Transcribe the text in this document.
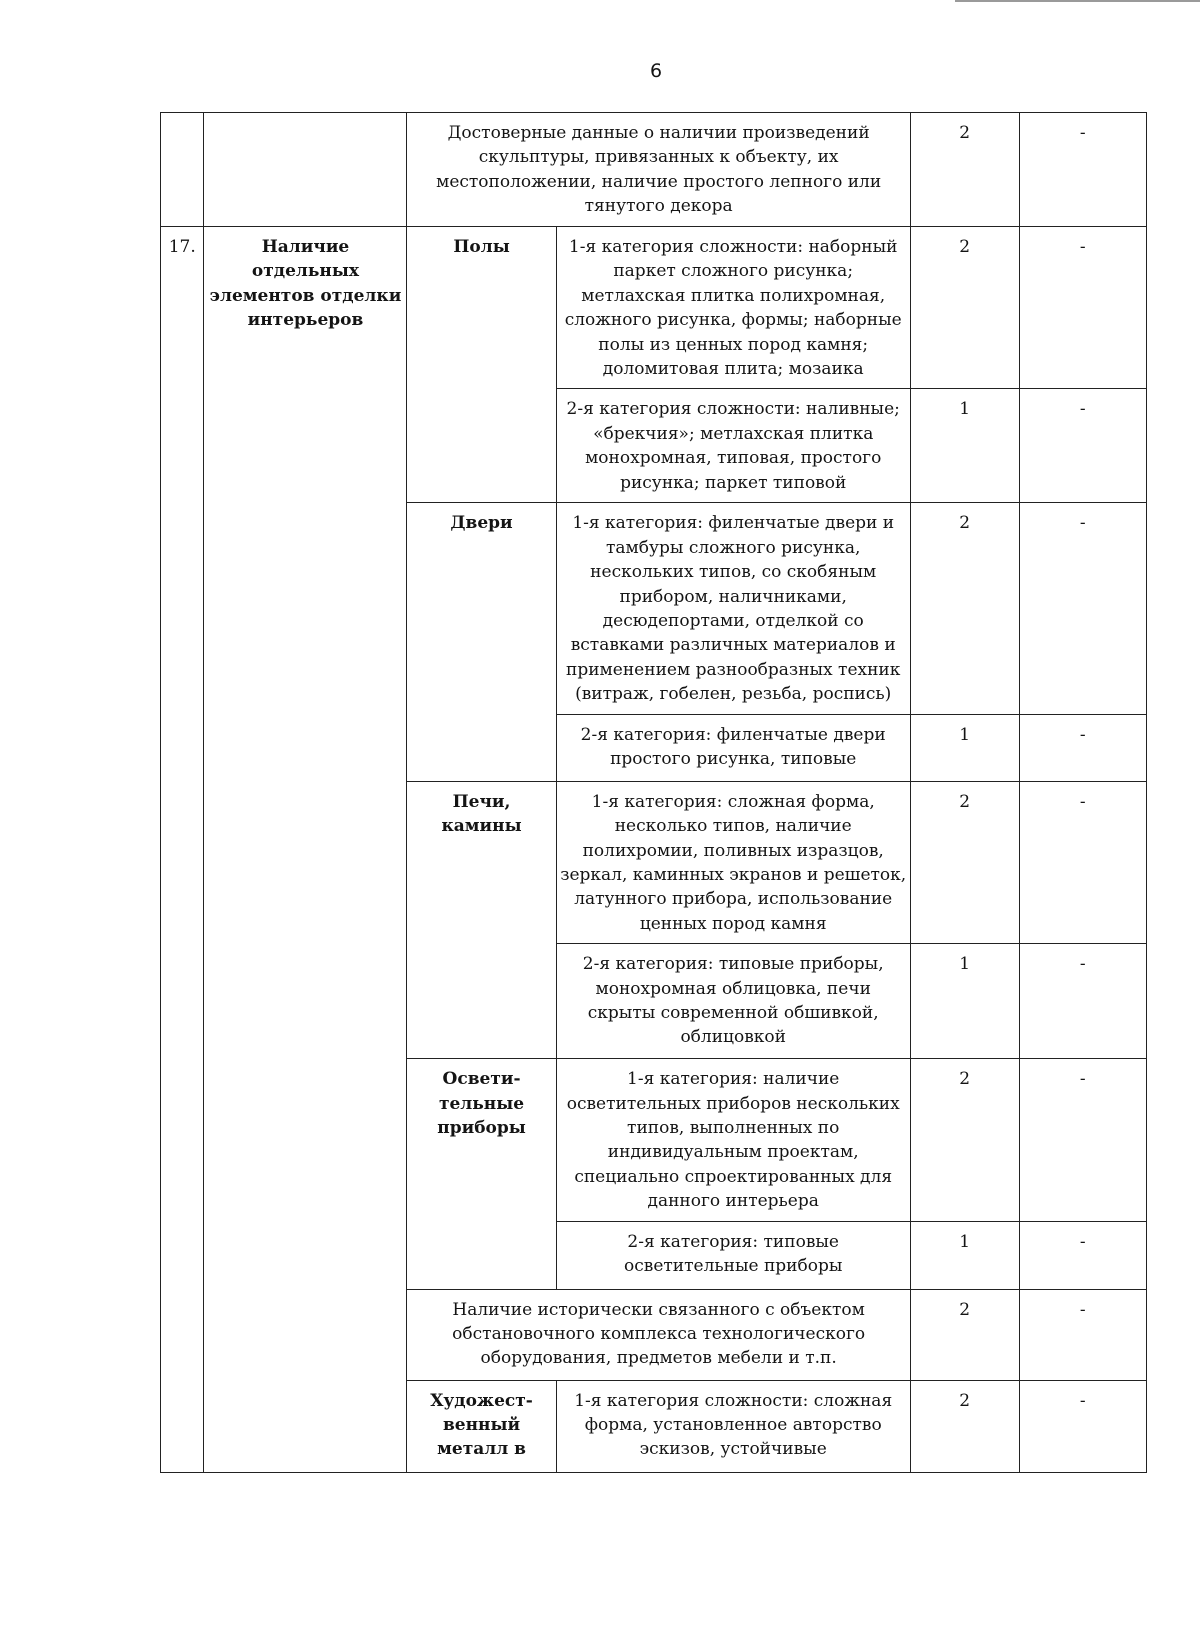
6
		Достоверные данные о наличии произведений скульптуры, привязанных к объекту, их местоположении, наличие простого лепного или тянутого декора		2	-
17.	Наличие отдельных элементов отделки интерьеров	Полы	1-я категория сложности: наборный паркет сложного рисунка; метлахская плитка полихромная, сложного рисунка, формы; наборные полы из ценных пород камня; доломитовая плита; мозаика	2	-
			2-я категория сложности: наливные; «брекчия»; метлахская плитка монохромная, типовая, простого рисунка; паркет типовой	1	-
		Двери	1-я категория: филенчатые двери и тамбуры сложного рисунка, нескольких типов, со скобяным прибором, наличниками, десюдепортами, отделкой со вставками различных материалов и применением разнообразных техник (витраж, гобелен, резьба, роспись)	2	-
			2-я категория: филенчатые двери простого рисунка, типовые	1	-
		Печи, камины	1-я категория: сложная форма, несколько типов, наличие полихромии, поливных изразцов, зеркал, каминных экранов и решеток, латунного прибора, использование ценных пород камня	2	-
			2-я категория: типовые приборы, монохромная облицовка, печи скрыты современной обшивкой, облицовкой	1	-
		Освети-тельные приборы	1-я категория: наличие осветительных приборов нескольких типов, выполненных по индивидуальным проектам, специально спроектированных для данного интерьера	2	-
			2-я категория: типовые осветительные приборы	1	-
		Наличие исторически связанного с объектом обстановочного комплекса технологического оборудования, предметов мебели и т.п.		2	-
		Художест-венный металл в	1-я категория сложности: сложная форма, установленное авторство эскизов, устойчивые	2	-
